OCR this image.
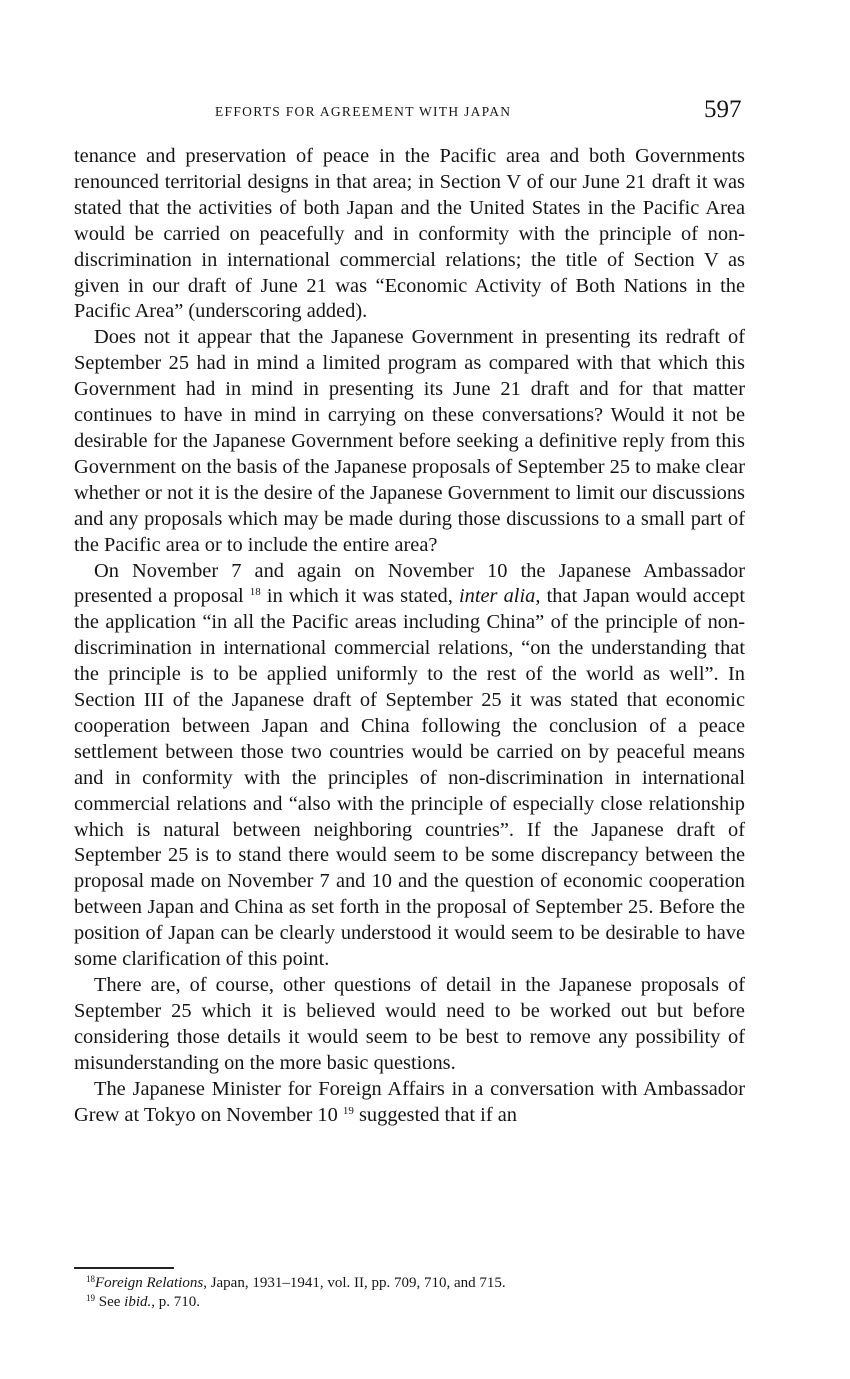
EFFORTS FOR AGREEMENT WITH JAPAN	597

tenance and preservation of peace in the Pacific area and both Governments renounced territorial designs in that area; in Section V of our June 21 draft it was stated that the activities of both Japan and the United States in the Pacific Area would be carried on peacefully and in conformity with the principle of non-discrimination in international commercial relations; the title of Section V as given in our draft of June 21 was “Economic Activity of Both Nations in the Pacific Area” (underscoring added).

Does not it appear that the Japanese Government in presenting its redraft of September 25 had in mind a limited program as compared with that which this Government had in mind in presenting its June 21 draft and for that matter continues to have in mind in carrying on these conversations? Would it not be desirable for the Japanese Government before seeking a definitive reply from this Government on the basis of the Japanese proposals of September 25 to make clear whether or not it is the desire of the Japanese Government to limit our discussions and any proposals which may be made during those discussions to a small part of the Pacific area or to include the entire area?

On November 7 and again on November 10 the Japanese Ambassador presented a proposal $^{18}$ in which it was stated, inter alia, that Japan would accept the application “in all the Pacific areas including China” of the principle of non-discrimination in international commercial relations, “on the understanding that the principle is to be applied uniformly to the rest of the world as well”. In Section III of the Japanese draft of September 25 it was stated that economic cooperation between Japan and China following the conclusion of a peace settlement between those two countries would be carried on by peaceful means and in conformity with the principles of non-discrimination in international commercial relations and “also with the principle of especially close relationship which is natural between neighboring countries”. If the Japanese draft of September 25 is to stand there would seem to be some discrepancy between the proposal made on November 7 and 10 and the question of economic cooperation between Japan and China as set forth in the proposal of September 25. Before the position of Japan can be clearly understood it would seem to be desirable to have some clarification of this point.

There are, of course, other questions of detail in the Japanese proposals of September 25 which it is believed would need to be worked out but before considering those details it would seem to be best to remove any possibility of misunderstanding on the more basic questions.

The Japanese Minister for Foreign Affairs in a conversation with Ambassador Grew at Tokyo on November 10 $^{19}$ suggested that if an

$^{18}$Foreign Relations, Japan, 1931–1941, vol. II, pp. 709, 710, and 715.

$^{19}$ See ibid., p. 710.
